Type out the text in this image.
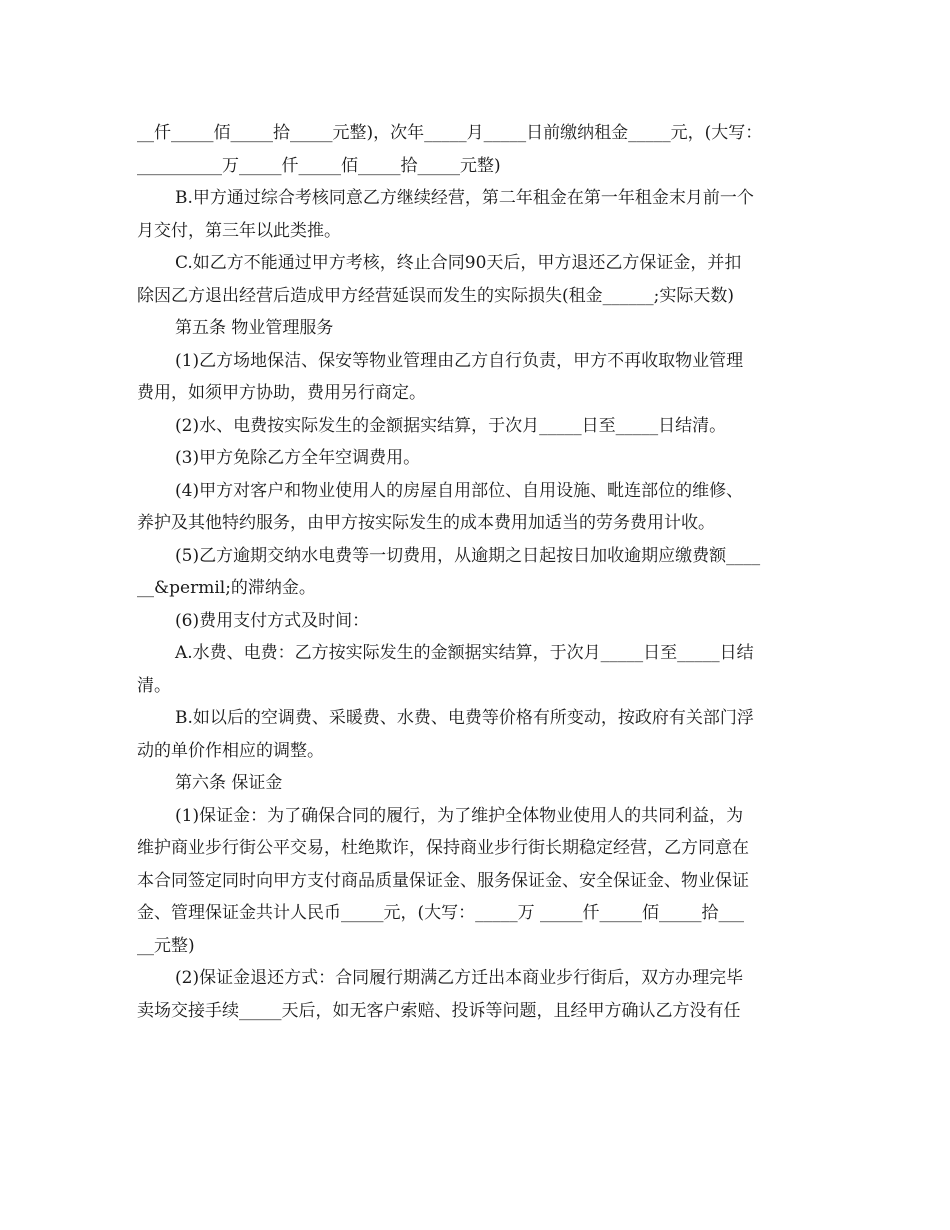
__仟_____佰_____拾_____元整)，次年_____月_____日前缴纳租金_____元，(大写：
__________万_____仟_____佰_____拾_____元整)
B.甲方通过综合考核同意乙方继续经营，第二年租金在第一年租金末月前一个
月交付，第三年以此类推。
C.如乙方不能通过甲方考核，终止合同90天后，甲方退还乙方保证金，并扣
除因乙方退出经营后造成甲方经营延误而发生的实际损失(租金______;实际天数)
第五条 物业管理服务
(1)乙方场地保洁、保安等物业管理由乙方自行负责，甲方不再收取物业管理
费用，如须甲方协助，费用另行商定。
(2)水、电费按实际发生的金额据实结算，于次月_____日至_____日结清。
(3)甲方免除乙方全年空调费用。
(4)甲方对客户和物业使用人的房屋自用部位、自用设施、毗连部位的维修、
养护及其他特约服务，由甲方按实际发生的成本费用加适当的劳务费用计收。
(5)乙方逾期交纳水电费等一切费用，从逾期之日起按日加收逾期应缴费额____
__&permil;的滞纳金。
(6)费用支付方式及时间：
A.水费、电费：乙方按实际发生的金额据实结算，于次月_____日至_____日结
清。
B.如以后的空调费、采暖费、水费、电费等价格有所变动，按政府有关部门浮
动的单价作相应的调整。
第六条 保证金
(1)保证金：为了确保合同的履行，为了维护全体物业使用人的共同利益，为
维护商业步行街公平交易，杜绝欺诈，保持商业步行街长期稳定经营，乙方同意在
本合同签定同时向甲方支付商品质量保证金、服务保证金、安全保证金、物业保证
金、管理保证金共计人民币_____元，(大写：_____万 _____仟_____佰_____拾___
__元整)
(2)保证金退还方式：合同履行期满乙方迁出本商业步行街后，双方办理完毕
卖场交接手续_____天后，如无客户索赔、投诉等问题，且经甲方确认乙方没有任
